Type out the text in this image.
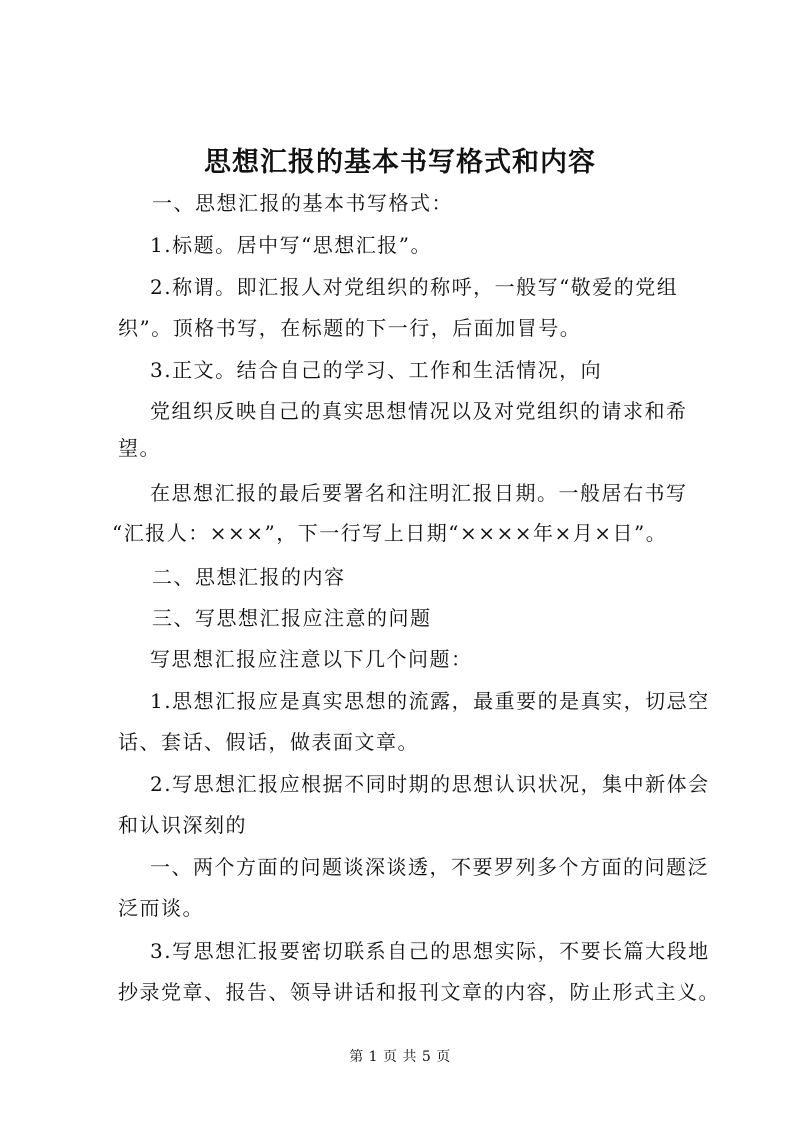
思想汇报的基本书写格式和内容
一、思想汇报的基本书写格式：
1.标题。居中写“思想汇报”。
2.称谓。即汇报人对党组织的称呼，一般写“敬爱的党组
织”。顶格书写，在标题的下一行，后面加冒号。
3.正文。结合自己的学习、工作和生活情况，向
党组织反映自己的真实思想情况以及对党组织的请求和希
望。
在思想汇报的最后要署名和注明汇报日期。一般居右书写
“汇报人：×××”，下一行写上日期“××××年×月×日”。
二、思想汇报的内容
三、写思想汇报应注意的问题
写思想汇报应注意以下几个问题：
1.思想汇报应是真实思想的流露，最重要的是真实，切忌空
话、套话、假话，做表面文章。
2.写思想汇报应根据不同时期的思想认识状况，集中新体会
和认识深刻的
一、两个方面的问题谈深谈透，不要罗列多个方面的问题泛
泛而谈。
3.写思想汇报要密切联系自己的思想实际，不要长篇大段地
抄录党章、报告、领导讲话和报刊文章的内容，防止形式主义。
第 1 页 共 5 页
